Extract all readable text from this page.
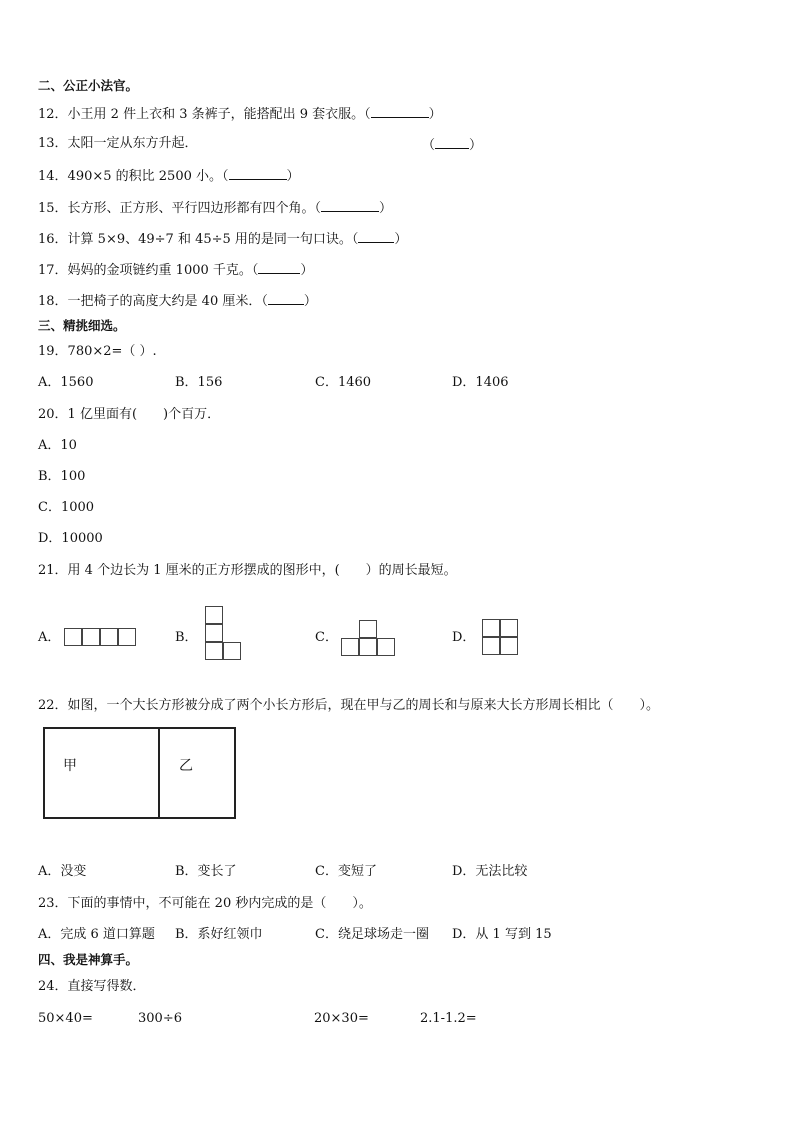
二、公正小法官。
12．小王用 2 件上衣和 3 条裤子，能搭配出 9 套衣服。（	）
13．太阳一定从东方升起．	（	）
14．490×5 的积比 2500 小。（	）
15．长方形、正方形、平行四边形都有四个角。（	）
16．计算 5×9、49÷7 和 45÷5 用的是同一句口诀。（	）
17．妈妈的金项链约重 1000 千克。（	）
18．一把椅子的高度大约是 40 厘米．（	）
三、精挑细选。
19．780×2=（ ）.
A．1560	B．156	C．1460	D．1406
20．1 亿里面有(　　)个百万．
A．10
B．100
C．1000
D．10000
21．用 4 个边长为 1 厘米的正方形摆成的图形中，(　　）的周长最短。
A．	B．	C．	D．
22．如图，一个大长方形被分成了两个小长方形后，现在甲与乙的周长和与原来大长方形周长相比（　　）。
甲	乙
A．没变	B．变长了	C．变短了	D．无法比较
23．下面的事情中，不可能在 20 秒内完成的是（　　）。
A．完成 6 道口算题 B．系好红领巾	C．绕足球场走一圈 D．从 1 写到 15
四、我是神算手。
24．直接写得数．
50×40=	300÷6	20×30=	2.1-1.2=
